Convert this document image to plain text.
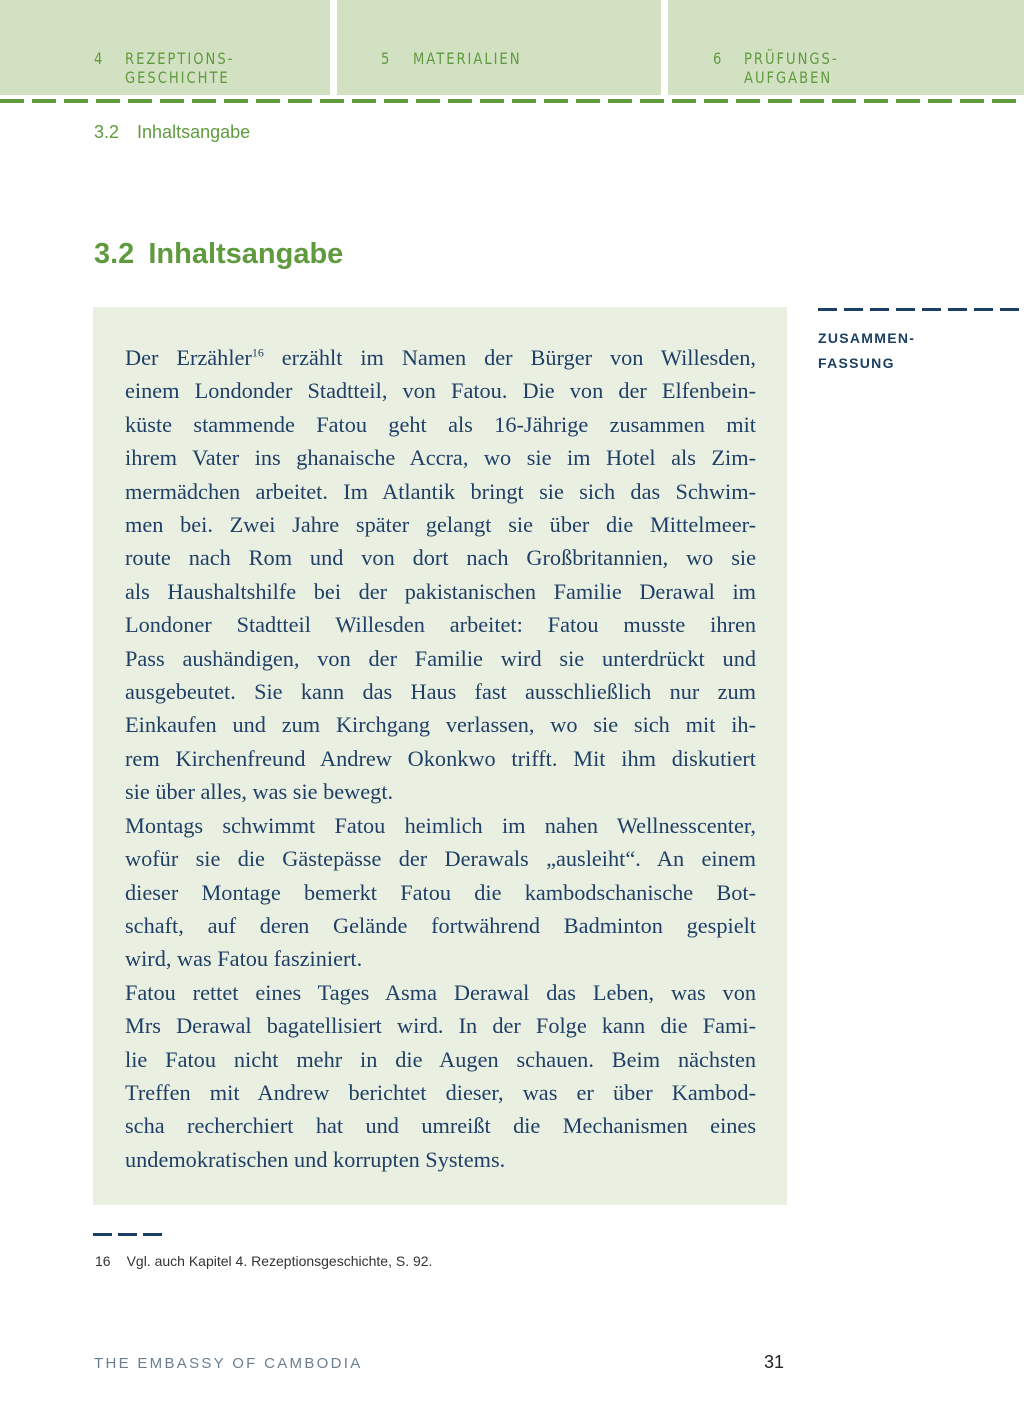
4 REZEPTIONS-
GESCHICHTE
5 MATERIALIEN	6 PRÜFUNGS-
AUFGABEN
3.2 Inhaltsangabe
3.2 Inhaltsangabe
ZUSAMMEN-
FASSUNG
Der Erzähler$^{16}$ erzählt im Namen der Bürger von Willesden,
einem Londonder Stadtteil, von Fatou. Die von der Elfenbein-
küste stammende Fatou geht als 16-Jährige zusammen mit
ihrem Vater ins ghanaische Accra, wo sie im Hotel als Zim-
mermädchen arbeitet. Im Atlantik bringt sie sich das Schwim-
men bei. Zwei Jahre später gelangt sie über die Mittelmeer-
route nach Rom und von dort nach Großbritannien, wo sie
als Haushaltshilfe bei der pakistanischen Familie Derawal im
Londoner Stadtteil Willesden arbeitet: Fatou musste ihren
Pass aushändigen, von der Familie wird sie unterdrückt und
ausgebeutet. Sie kann das Haus fast ausschließlich nur zum
Einkaufen und zum Kirchgang verlassen, wo sie sich mit ih-
rem Kirchenfreund Andrew Okonkwo trifft. Mit ihm diskutiert
sie über alles, was sie bewegt.
Montags schwimmt Fatou heimlich im nahen Wellnesscenter,
wofür sie die Gästepässe der Derawals „ausleiht“. An einem
dieser Montage bemerkt Fatou die kambodschanische Bot-
schaft, auf deren Gelände fortwährend Badminton gespielt
wird, was Fatou fasziniert.
Fatou rettet eines Tages Asma Derawal das Leben, was von
Mrs Derawal bagatellisiert wird. In der Folge kann die Fami-
lie Fatou nicht mehr in die Augen schauen. Beim nächsten
Treffen mit Andrew berichtet dieser, was er über Kambod-
scha recherchiert hat und umreißt die Mechanismen eines
undemokratischen und korrupten Systems.
16 Vgl. auch Kapitel 4. Rezeptionsgeschichte, S. 92.
THE EMBASSY OF CAMBODIA	31
